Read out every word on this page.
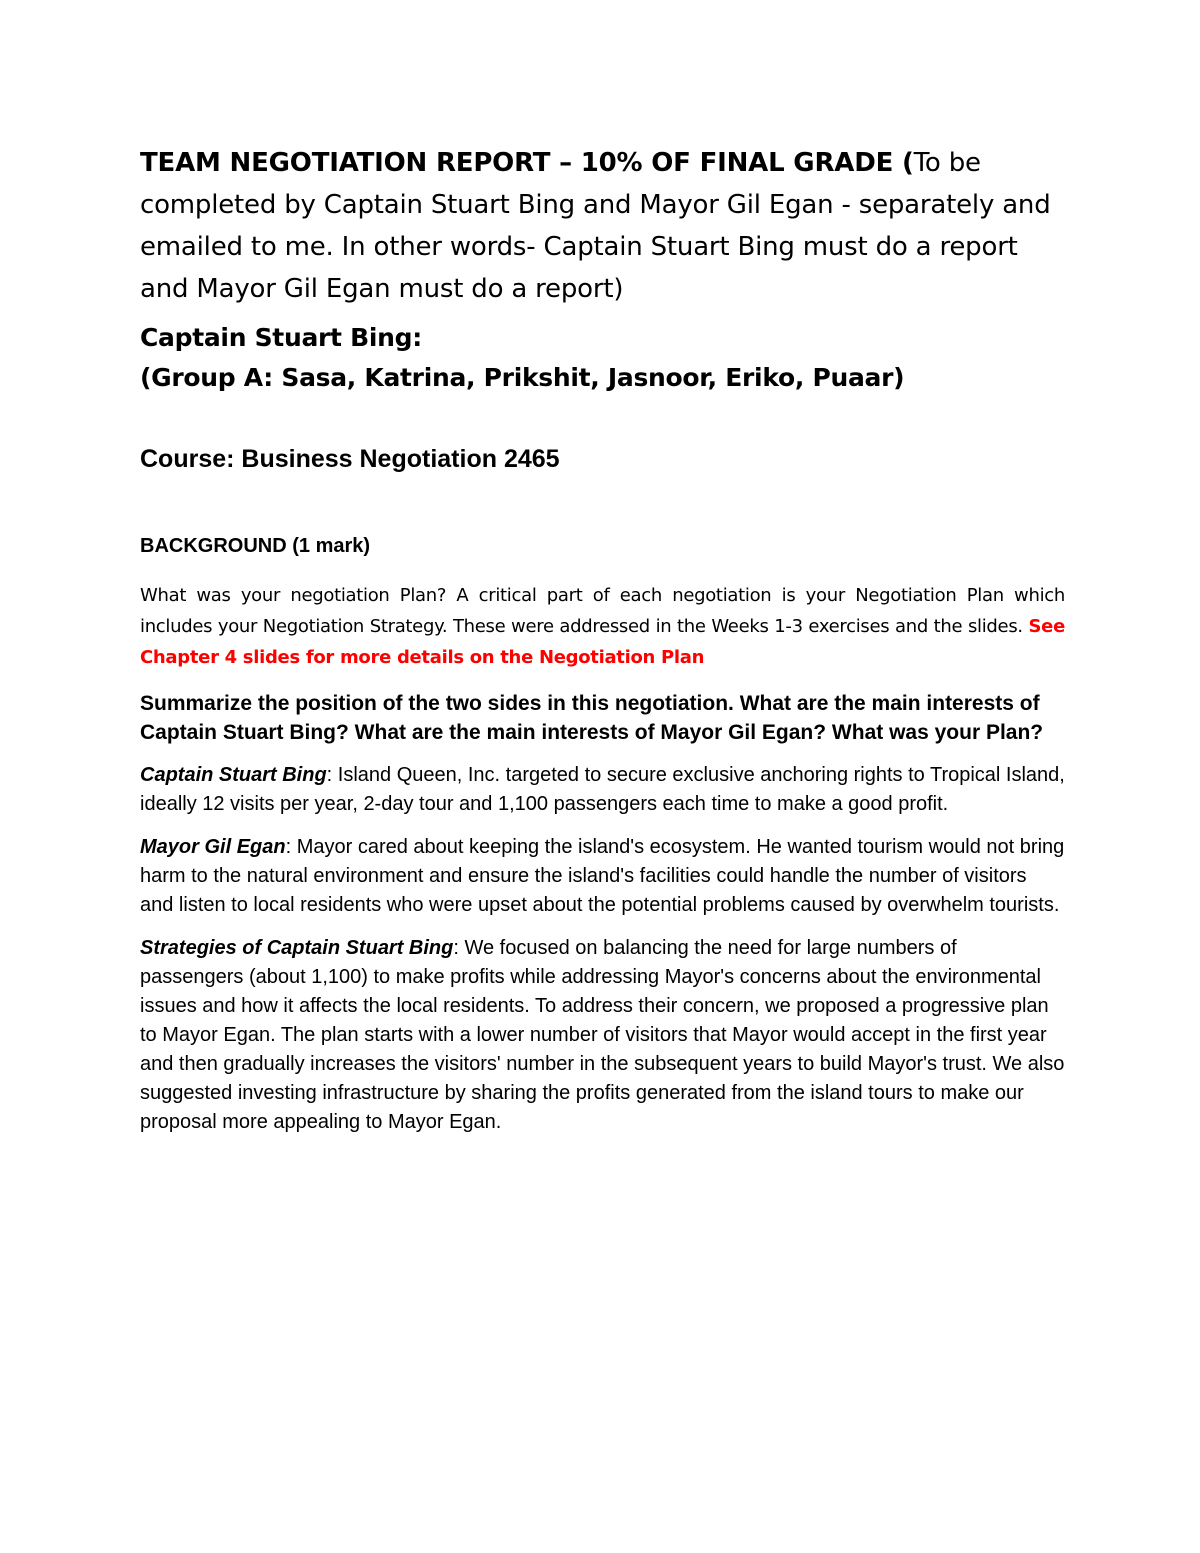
TEAM NEGOTIATION REPORT – 10% OF FINAL GRADE (To be completed by Captain Stuart Bing and Mayor Gil Egan - separately and emailed to me. In other words- Captain Stuart Bing must do a report and Mayor Gil Egan must do a report)

Captain Stuart Bing:
(Group A: Sasa, Katrina, Prikshit, Jasnoor, Eriko, Puaar)
Course: Business Negotiation 2465
BACKGROUND (1 mark)

What was your negotiation Plan? A critical part of each negotiation is your Negotiation Plan which includes your Negotiation Strategy. These were addressed in the Weeks 1-3 exercises and the slides. See Chapter 4 slides for more details on the Negotiation Plan

Summarize the position of the two sides in this negotiation. What are the main interests of Captain Stuart Bing? What are the main interests of Mayor Gil Egan? What was your Plan?

Captain Stuart Bing: Island Queen, Inc. targeted to secure exclusive anchoring rights to Tropical Island, ideally 12 visits per year, 2-day tour and 1,100 passengers each time to make a good profit.

Mayor Gil Egan: Mayor cared about keeping the island's ecosystem. He wanted tourism would not bring harm to the natural environment and ensure the island's facilities could handle the number of visitors and listen to local residents who were upset about the potential problems caused by overwhelm tourists.

Strategies of Captain Stuart Bing: We focused on balancing the need for large numbers of passengers (about 1,100) to make profits while addressing Mayor's concerns about the environmental issues and how it affects the local residents. To address their concern, we proposed a progressive plan to Mayor Egan. The plan starts with a lower number of visitors that Mayor would accept in the first year and then gradually increases the visitors' number in the subsequent years to build Mayor's trust. We also suggested investing infrastructure by sharing the profits generated from the island tours to make our proposal more appealing to Mayor Egan.
